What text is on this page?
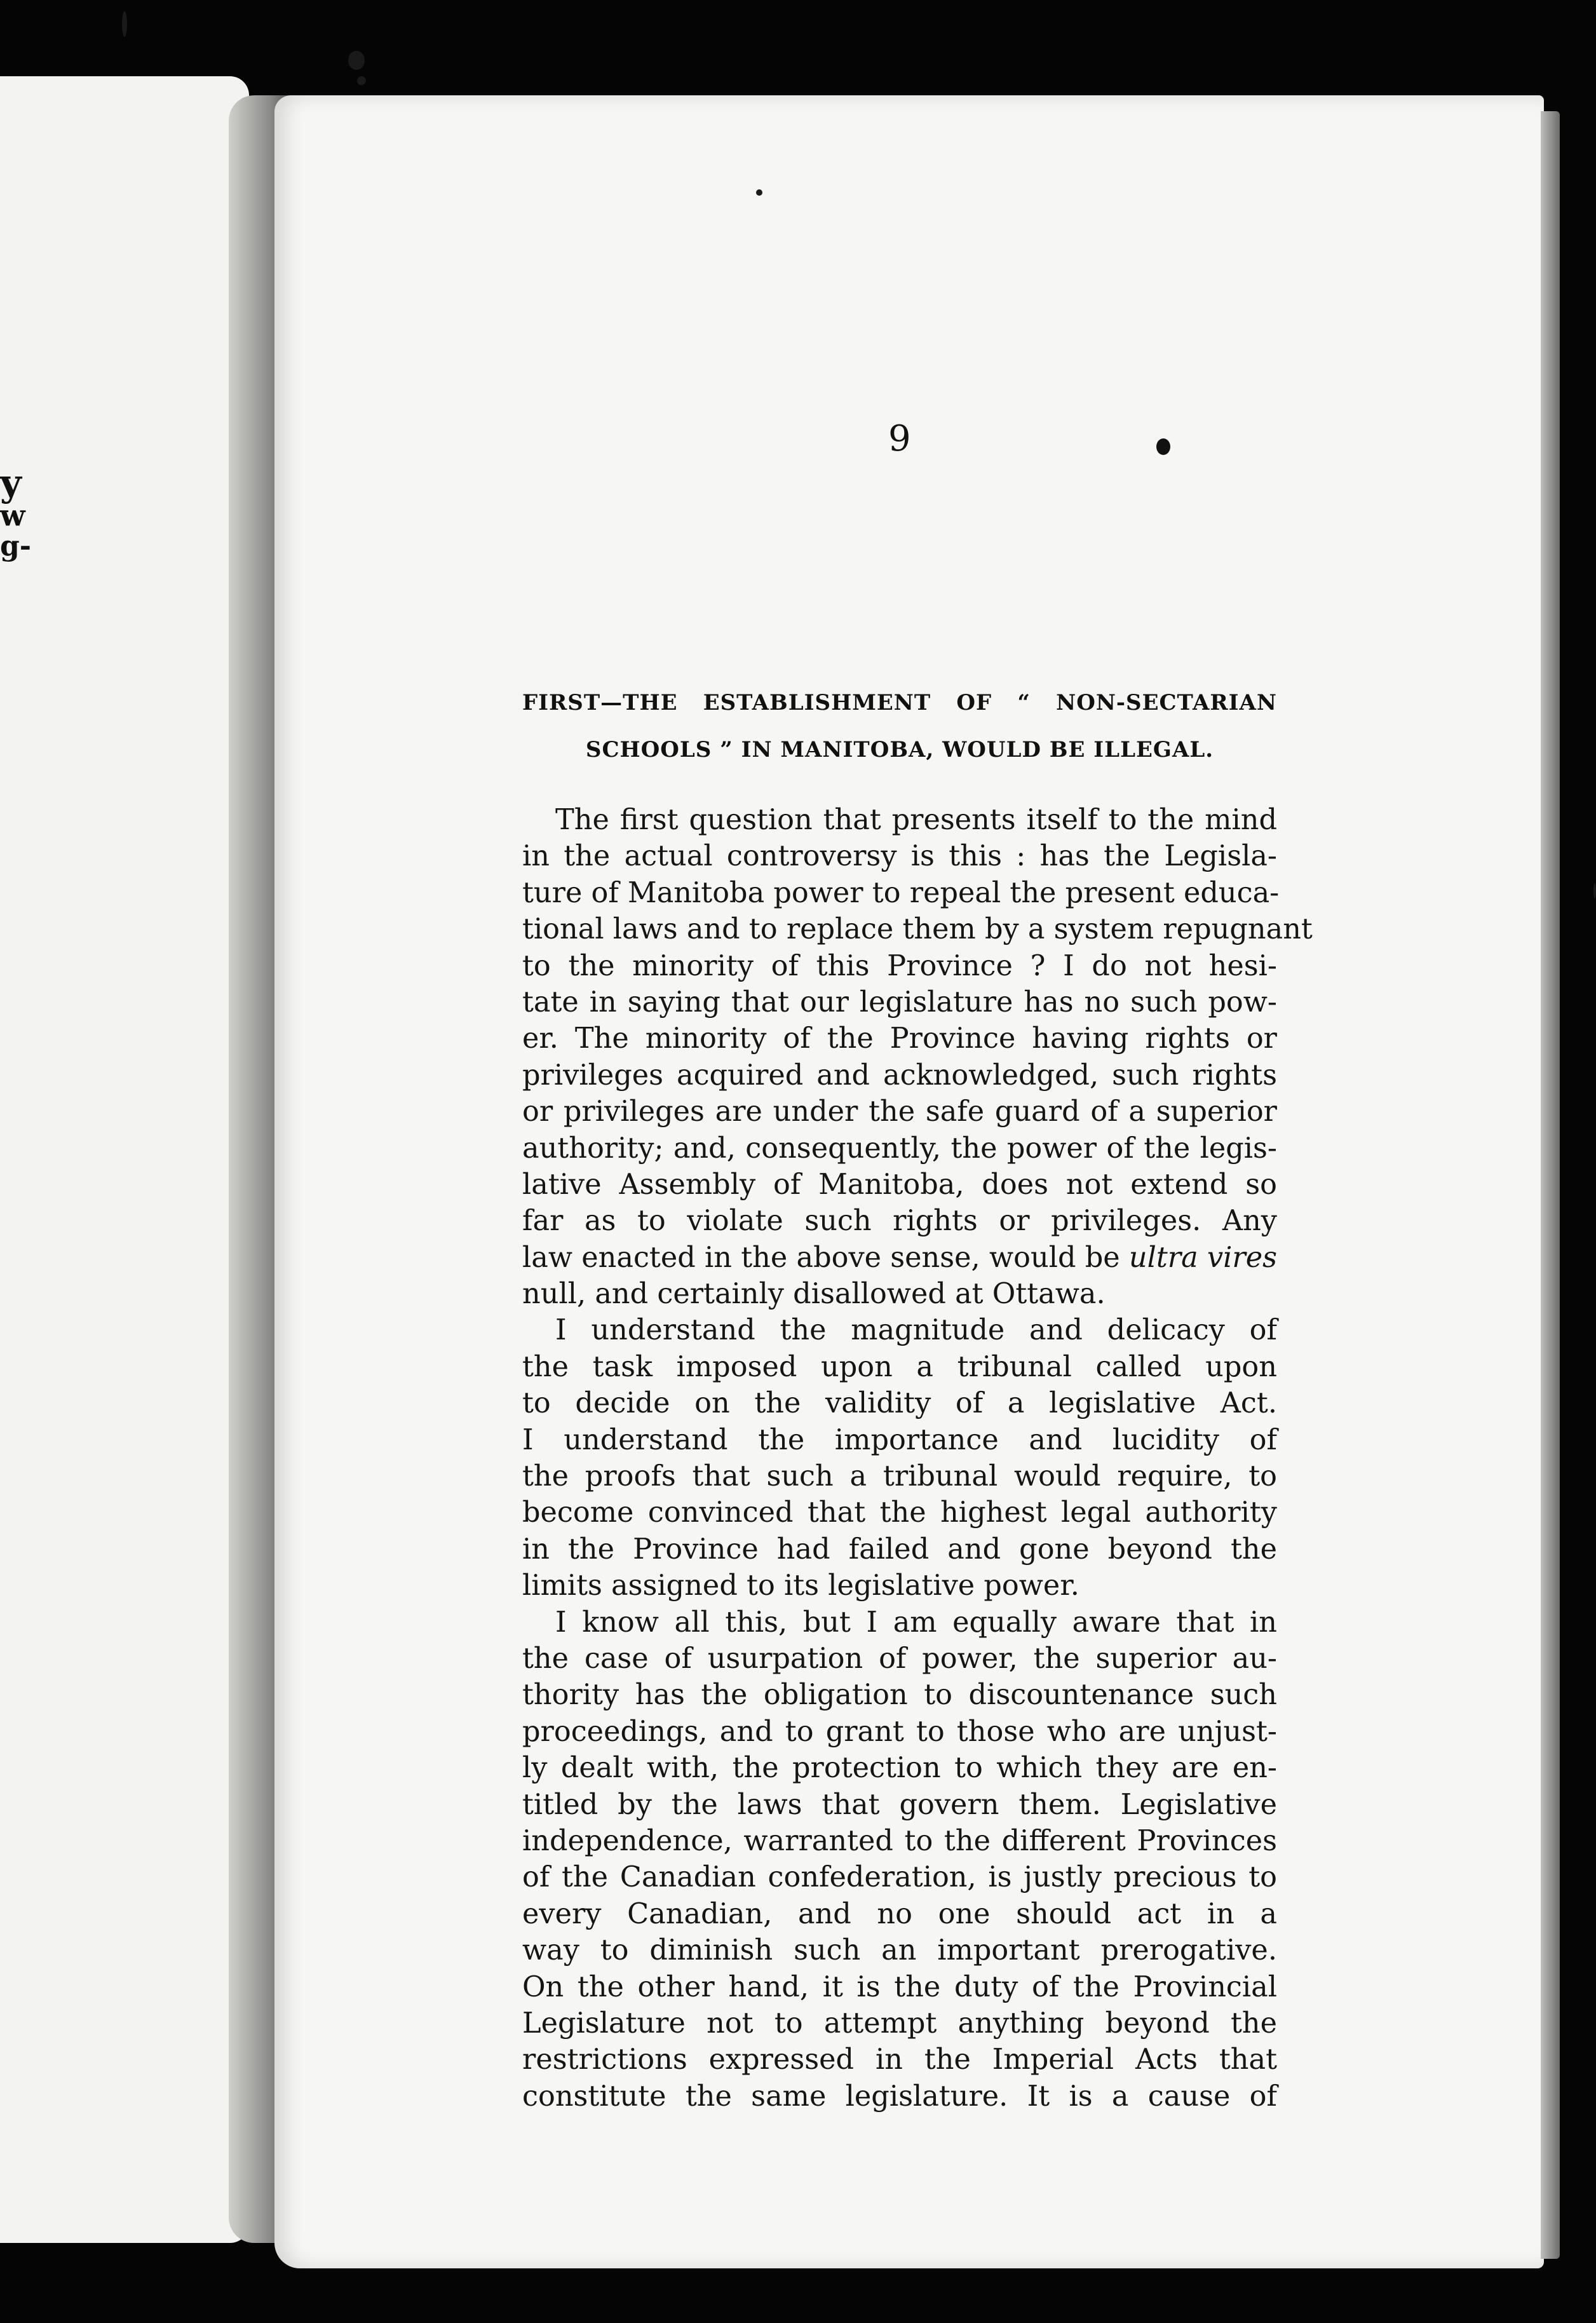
y
w
g-
9
FIRST—THE ESTABLISHMENT OF “ NON-SECTARIAN
SCHOOLS ” IN MANITOBA, WOULD BE ILLEGAL.
The first question that presents itself to the mind
in the actual controversy is this : has the Legisla-
ture of Manitoba power to repeal the present educa-
tional laws and to replace them by a system repugnant
to the minority of this Province ? I do not hesi-
tate in saying that our legislature has no such pow-
er. The minority of the Province having rights or
privileges acquired and acknowledged, such rights
or privileges are under the safe guard of a superior
authority; and, consequently, the power of the legis-
lative Assembly of Manitoba, does not extend so
far as to violate such rights or privileges. Any
law enacted in the above sense, would be ultra vires
null, and certainly disallowed at Ottawa.
I understand the magnitude and delicacy of
the task imposed upon a tribunal called upon
to decide on the validity of a legislative Act.
I understand the importance and lucidity of
the proofs that such a tribunal would require, to
become convinced that the highest legal authority
in the Province had failed and gone beyond the
limits assigned to its legislative power.
I know all this, but I am equally aware that in
the case of usurpation of power, the superior au-
thority has the obligation to discountenance such
proceedings, and to grant to those who are unjust-
ly dealt with, the protection to which they are en-
titled by the laws that govern them. Legislative
independence, warranted to the different Provinces
of the Canadian confederation, is justly precious to
every Canadian, and no one should act in a
way to diminish such an important prerogative.
On the other hand, it is the duty of the Provincial
Legislature not to attempt anything beyond the
restrictions expressed in the Imperial Acts that
constitute the same legislature. It is a cause of
